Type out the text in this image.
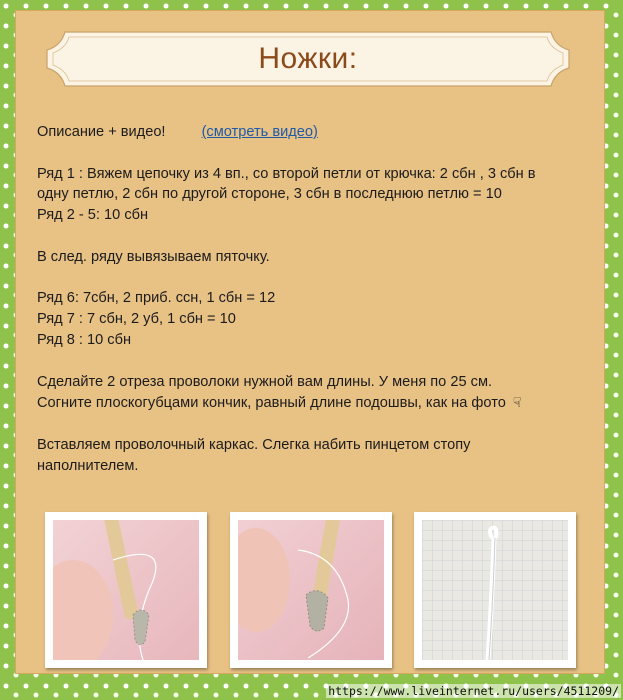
Ножки:

Описание + видео! (смотреть видео)

Ряд 1 : Вяжем цепочку из 4 вп., со второй петли от крючка: 2 сбн , 3 сбн в

одну петлю, 2 сбн по другой стороне, 3 сбн в последнюю петлю = 10

Ряд 2 - 5: 10 сбн

В след. ряду вывязываем пяточку.

Ряд 6: 7сбн, 2 приб. ссн, 1 сбн = 12

Ряд 7 : 7 сбн, 2 уб, 1 сбн = 10

Ряд 8 : 10 сбн

Сделайте 2 отреза проволоки нужной вам длины. У меня по 25 см.

Согните плоскогубцами кончик, равный длине подошвы, как на фото ☟

Вставляем проволочный каркас. Слегка набить пинцетом стопу

наполнителем.

https://www.liveinternet.ru/users/4511209/
